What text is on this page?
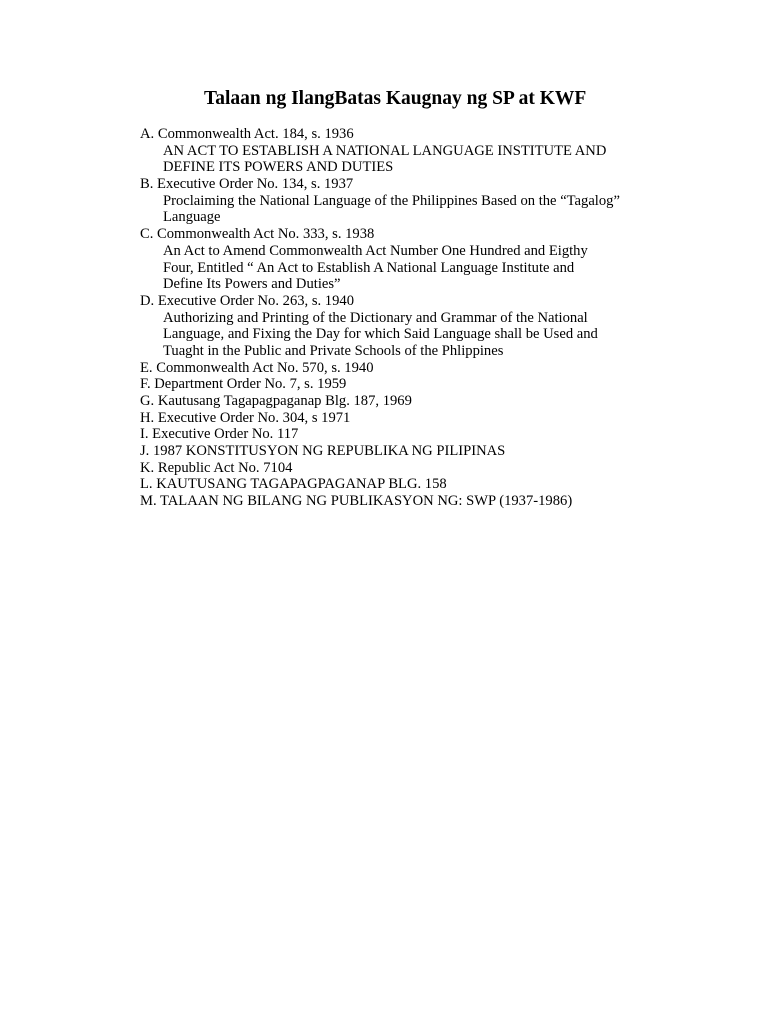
Talaan ng IlangBatas Kaugnay ng SP at KWF
A. Commonwealth Act. 184, s. 1936
AN ACT TO ESTABLISH A NATIONAL LANGUAGE INSTITUTE AND
DEFINE ITS POWERS AND DUTIES
B. Executive Order No. 134, s. 1937
Proclaiming the National Language of the Philippines Based on the “Tagalog”
Language
C. Commonwealth Act No. 333, s. 1938
An Act to Amend Commonwealth Act Number One Hundred and Eigthy
Four, Entitled “ An Act to Establish A National Language Institute and
Define Its Powers and Duties”
D. Executive Order No. 263, s. 1940
Authorizing and Printing of the Dictionary and Grammar of the National
Language, and Fixing the Day for which Said Language shall be Used and
Tuaght in the Public and Private Schools of the Phlippines
E. Commonwealth Act No. 570, s. 1940
F. Department Order No. 7, s. 1959
G. Kautusang Tagapagpaganap Blg. 187, 1969
H. Executive Order No. 304, s 1971
I. Executive Order No. 117
J. 1987 KONSTITUSYON NG REPUBLIKA NG PILIPINAS
K. Republic Act No. 7104
L. KAUTUSANG TAGAPAGPAGANAP BLG. 158
M. TALAAN NG BILANG NG PUBLIKASYON NG: SWP (1937-1986)
